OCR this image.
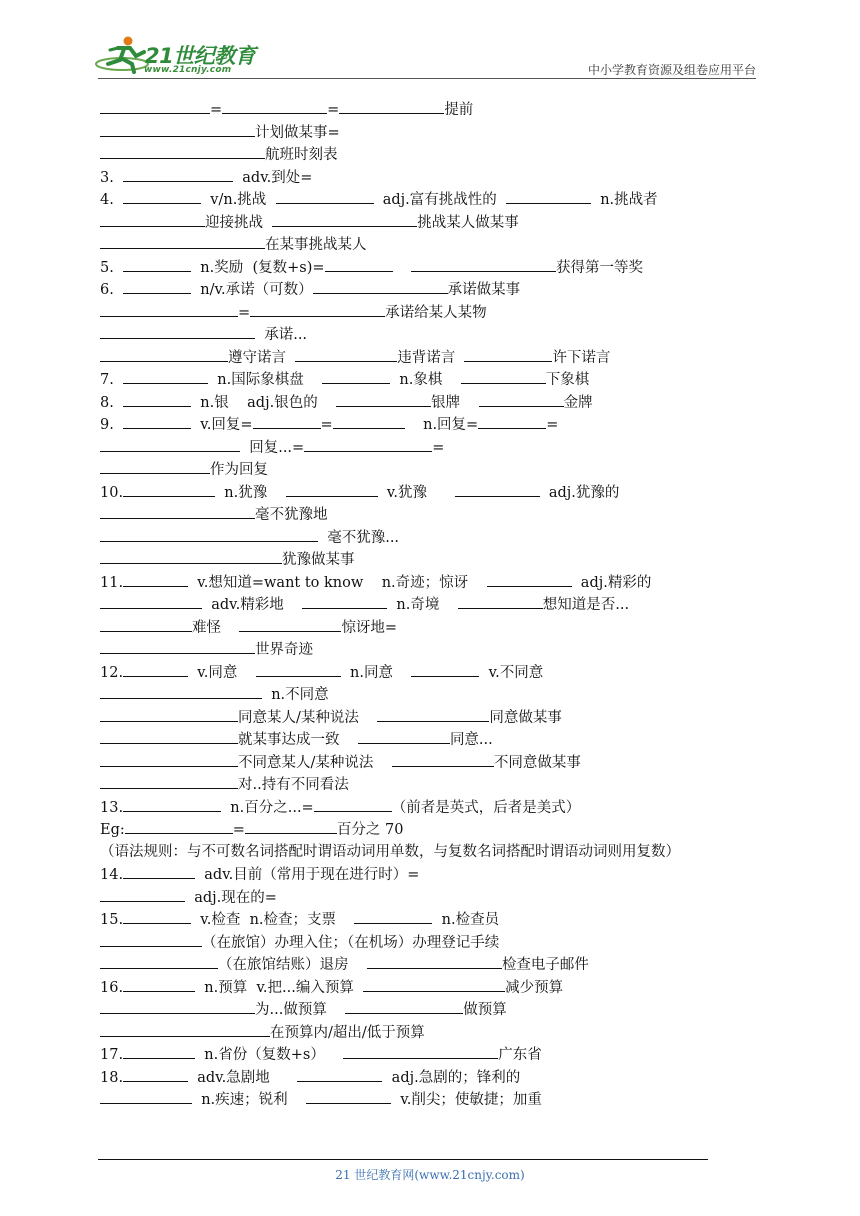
21世纪教育
www.21cnjy.com	中小学教育资源及组卷应用平台
=	=	提前
计划做某事=
航班时刻表
3.	adv.到处=
4.	v/n.挑战	adj.富有挑战性的	n.挑战者
迎接挑战	挑战某人做某事
在某事挑战某人
5.	n.奖励  (复数+s)=	获得第一等奖
6.	n/v.承诺（可数）	承诺做某事
=	承诺给某人某物
承诺...
遵守诺言	违背诺言	许下诺言
7.	n.国际象棋盘	n.象棋	下象棋
8.	n.银    adj.银色的	银牌	金牌
9.	v.回复=	=	n.回复=	=
回复...=	=
作为回复
10.	n.犹豫	v.犹豫	adj.犹豫的
毫不犹豫地
毫不犹豫...
犹豫做某事
11.	v.想知道=want to know    n.奇迹；惊讶	adj.精彩的
adv.精彩地	n.奇境	想知道是否...
难怪	惊讶地=
世界奇迹
12.	v.同意	n.同意	v.不同意
n.不同意
同意某人/某种说法	同意做某事
就某事达成一致	同意...
不同意某人/某种说法	不同意做某事
对..持有不同看法
13.	n.百分之...=	（前者是英式，后者是美式）
Eg:	=	百分之 70
（语法规则：与不可数名词搭配时谓语动词用单数，与复数名词搭配时谓语动词则用复数）
14.	adv.目前（常用于现在进行时）=
adj.现在的=
15.	v.检查  n.检查；支票	n.检查员
（在旅馆）办理入住；（在机场）办理登记手续
（在旅馆结账）退房	检查电子邮件
16.	n.预算  v.把...编入预算	减少预算
为...做预算	做预算
在预算内/超出/低于预算
17.	n.省份（复数+s）	广东省
18.	adv.急剧地	adj.急剧的；锋利的
n.疾速；锐利	v.削尖；使敏捷；加重
21 世纪教育网(www.21cnjy.com)
